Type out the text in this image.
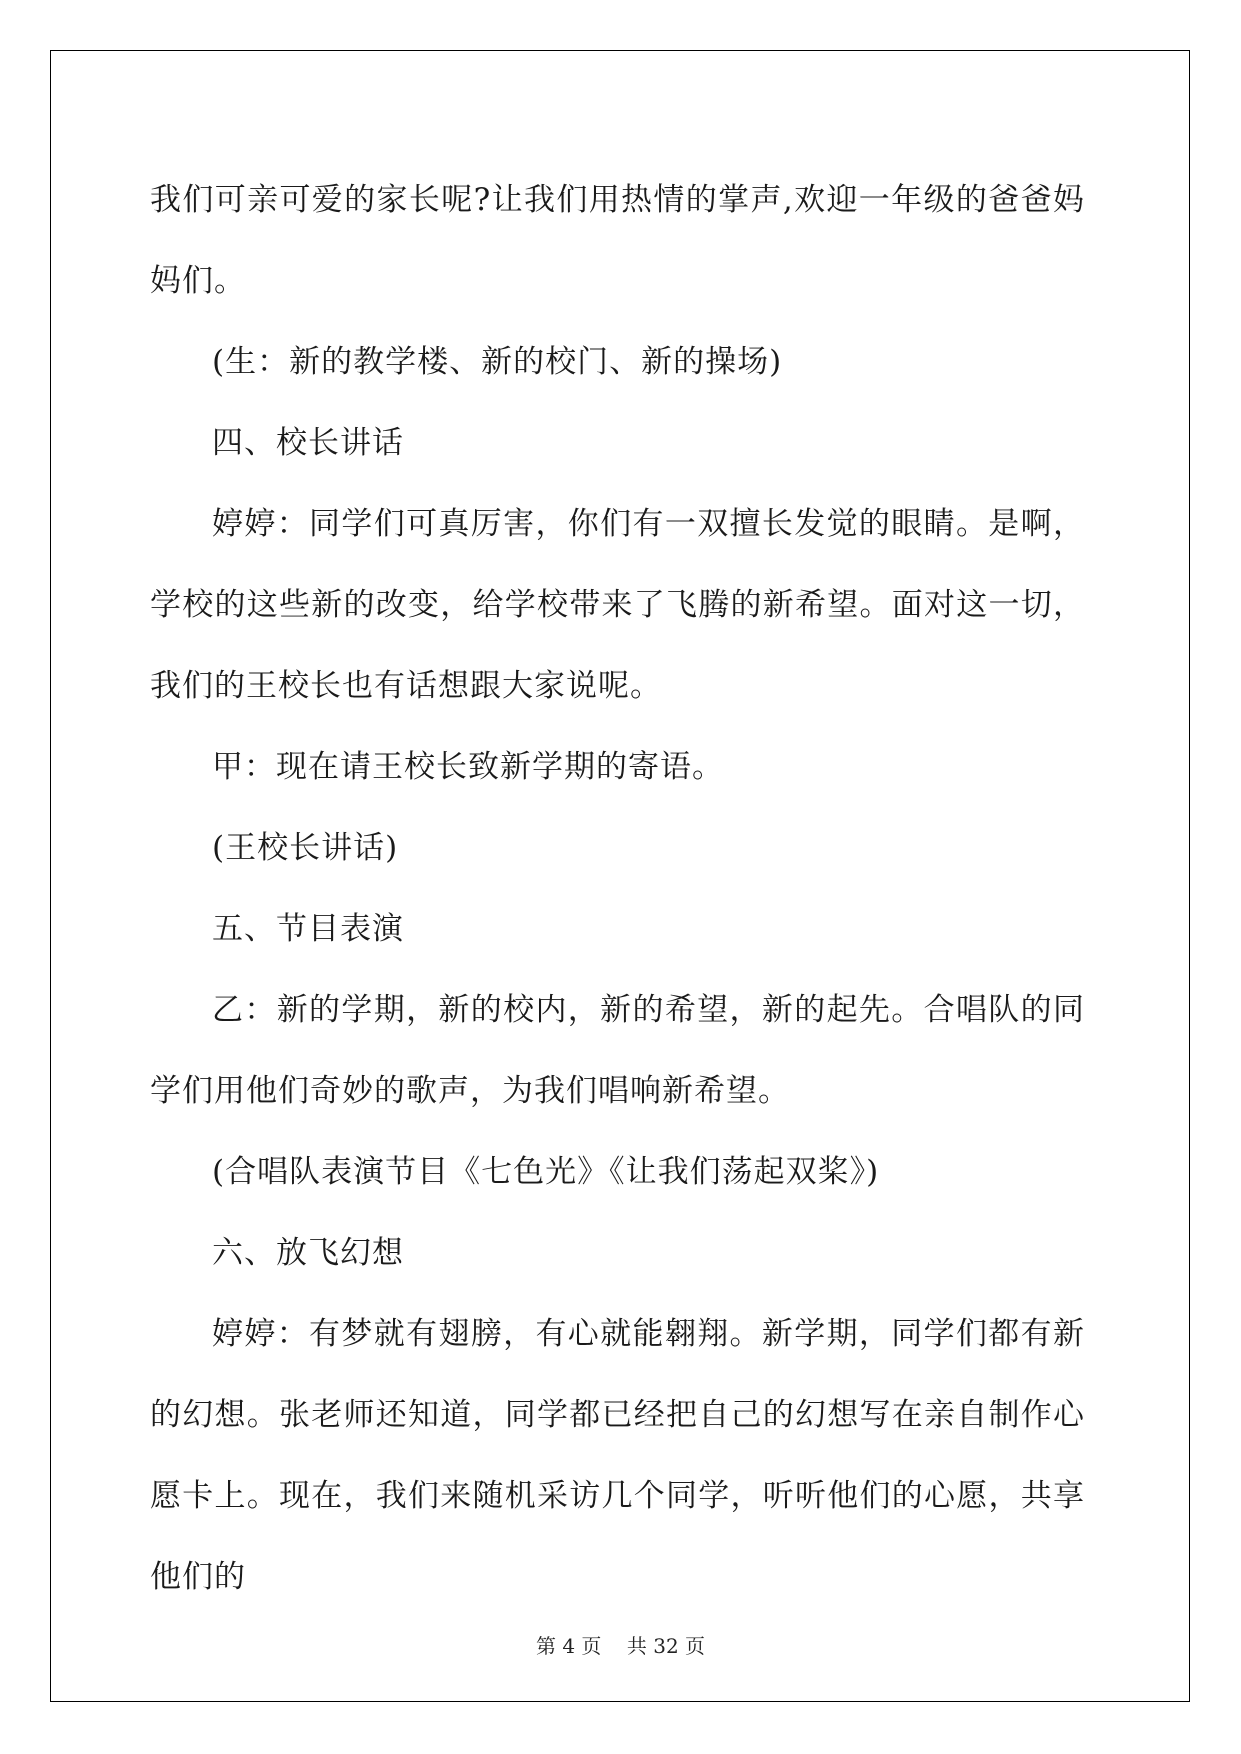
我们可亲可爱的家长呢?让我们用热情的掌声,欢迎一年级的爸爸妈妈们。

(生：新的教学楼、新的校门、新的操场)

四、校长讲话

婷婷：同学们可真厉害，你们有一双擅长发觉的眼睛。是啊，学校的这些新的改变，给学校带来了飞腾的新希望。面对这一切，我们的王校长也有话想跟大家说呢。

甲：现在请王校长致新学期的寄语。

(王校长讲话)

五、节目表演

乙：新的学期，新的校内，新的希望，新的起先。合唱队的同学们用他们奇妙的歌声，为我们唱响新希望。

(合唱队表演节目《七色光》《让我们荡起双桨》)

六、放飞幻想

婷婷：有梦就有翅膀，有心就能翱翔。新学期，同学们都有新的幻想。张老师还知道，同学都已经把自己的幻想写在亲自制作心愿卡上。现在，我们来随机采访几个同学，听听他们的心愿，共享他们的

第 4 页 共 32 页
